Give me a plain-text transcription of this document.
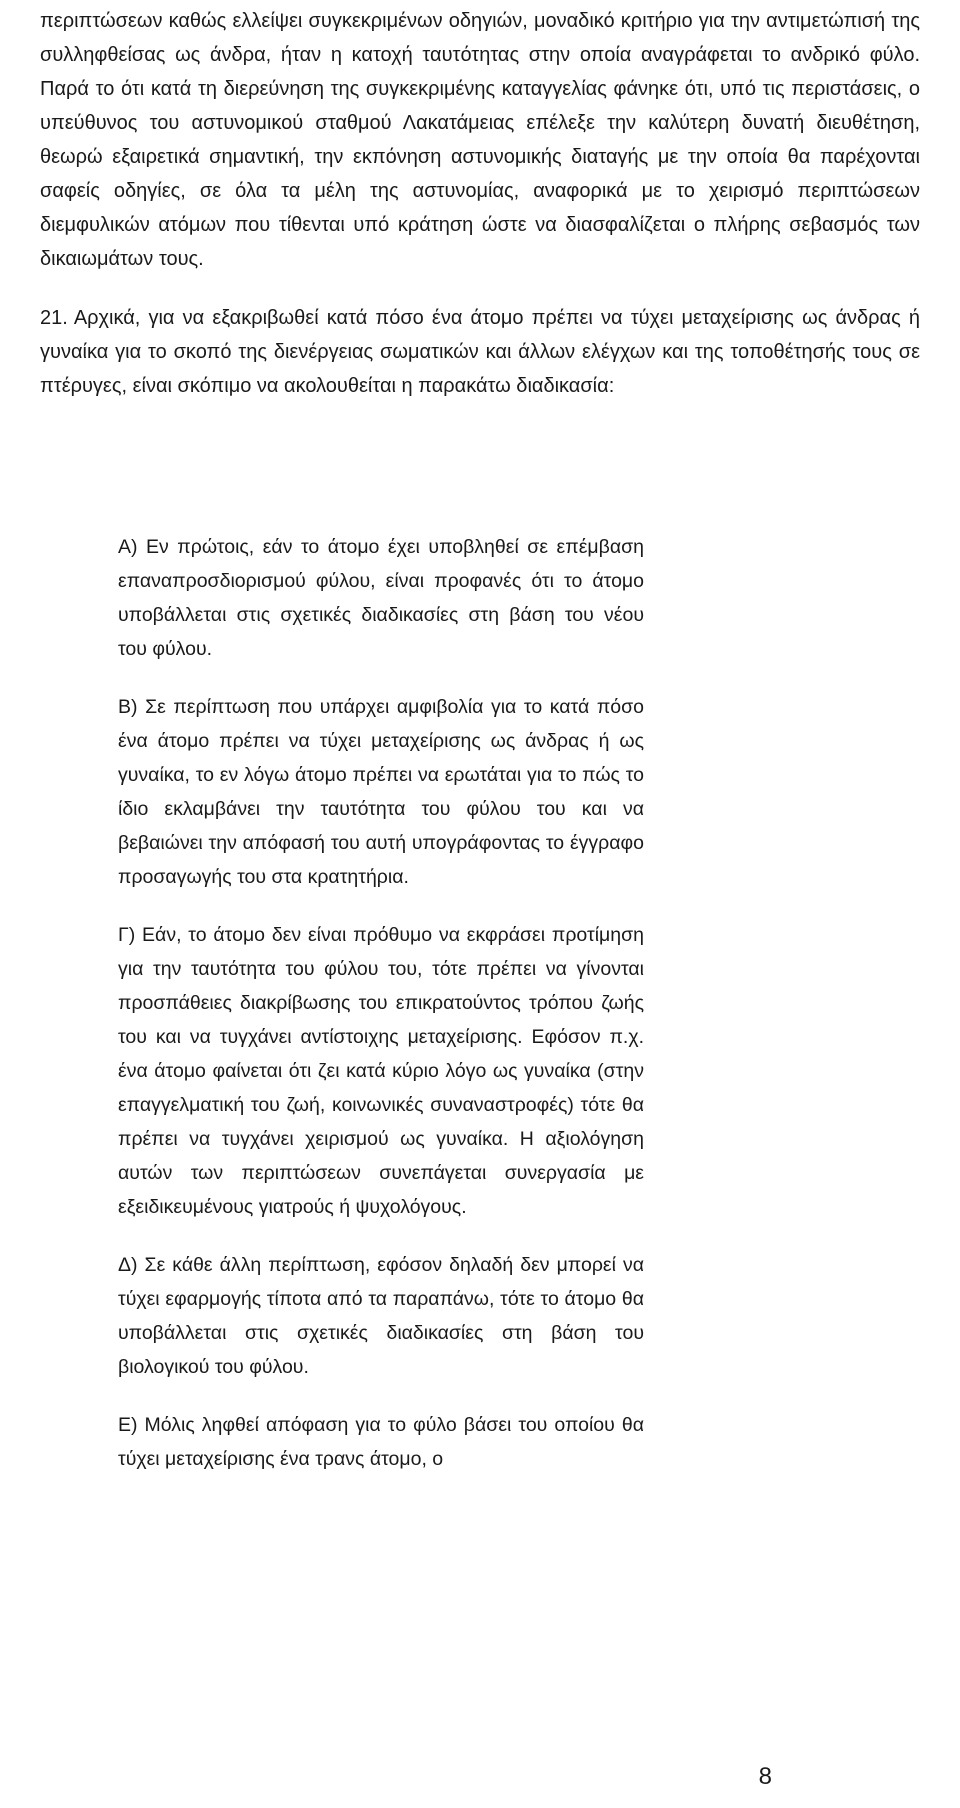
περιπτώσεων καθώς ελλείψει συγκεκριμένων οδηγιών, μοναδικό κριτήριο για την αντιμετώπισή της συλληφθείσας ως άνδρα, ήταν η κατοχή ταυτότητας στην οποία αναγράφεται το ανδρικό φύλο. Παρά το ότι κατά τη διερεύνηση της συγκεκριμένης καταγγελίας φάνηκε ότι, υπό τις περιστάσεις, ο υπεύθυνος του αστυνομικού σταθμού Λακατάμειας επέλεξε την καλύτερη δυνατή διευθέτηση, θεωρώ εξαιρετικά σημαντική, την εκπόνηση αστυνομικής διαταγής με την οποία θα παρέχονται σαφείς οδηγίες, σε όλα τα μέλη της αστυνομίας, αναφορικά με το χειρισμό περιπτώσεων διεμφυλικών ατόμων που τίθενται υπό κράτηση ώστε να διασφαλίζεται ο πλήρης σεβασμός των δικαιωμάτων τους.

21. Αρχικά, για να εξακριβωθεί κατά πόσο ένα άτομο πρέπει να τύχει μεταχείρισης ως άνδρας ή γυναίκα για το σκοπό της διενέργειας σωματικών και άλλων ελέγχων και της τοποθέτησής τους σε πτέρυγες, είναι σκόπιμο να ακολουθείται η παρακάτω διαδικασία:

Α) Εν πρώτοις, εάν το άτομο έχει υποβληθεί σε επέμβαση επαναπροσδιορισμού φύλου, είναι προφανές ότι το άτομο υποβάλλεται στις σχετικές διαδικασίες στη βάση του νέου του φύλου.

Β) Σε περίπτωση που υπάρχει αμφιβολία για το κατά πόσο ένα άτομο πρέπει να τύχει μεταχείρισης ως άνδρας ή ως γυναίκα, το εν λόγω άτομο πρέπει να ερωτάται για το πώς το ίδιο εκλαμβάνει την ταυτότητα του φύλου του και να βεβαιώνει την απόφασή του αυτή υπογράφοντας το έγγραφο προσαγωγής του στα κρατητήρια.

Γ) Εάν, το άτομο δεν είναι πρόθυμο να εκφράσει προτίμηση για την ταυτότητα του φύλου του, τότε πρέπει να γίνονται προσπάθειες διακρίβωσης του επικρατούντος τρόπου ζωής του και να τυγχάνει αντίστοιχης μεταχείρισης. Εφόσον π.χ. ένα άτομο φαίνεται ότι ζει κατά κύριο λόγο ως γυναίκα (στην επαγγελματική του ζωή, κοινωνικές συναναστροφές) τότε θα πρέπει να τυγχάνει χειρισμού ως γυναίκα. Η αξιολόγηση αυτών των περιπτώσεων συνεπάγεται συνεργασία με εξειδικευμένους γιατρούς ή ψυχολόγους.

Δ) Σε κάθε άλλη περίπτωση, εφόσον δηλαδή δεν μπορεί να τύχει εφαρμογής τίποτα από τα παραπάνω, τότε το άτομο θα υποβάλλεται στις σχετικές διαδικασίες στη βάση του βιολογικού του φύλου.

Ε) Μόλις ληφθεί απόφαση για το φύλο βάσει του οποίου θα τύχει μεταχείρισης ένα τρανς άτομο, ο

8
